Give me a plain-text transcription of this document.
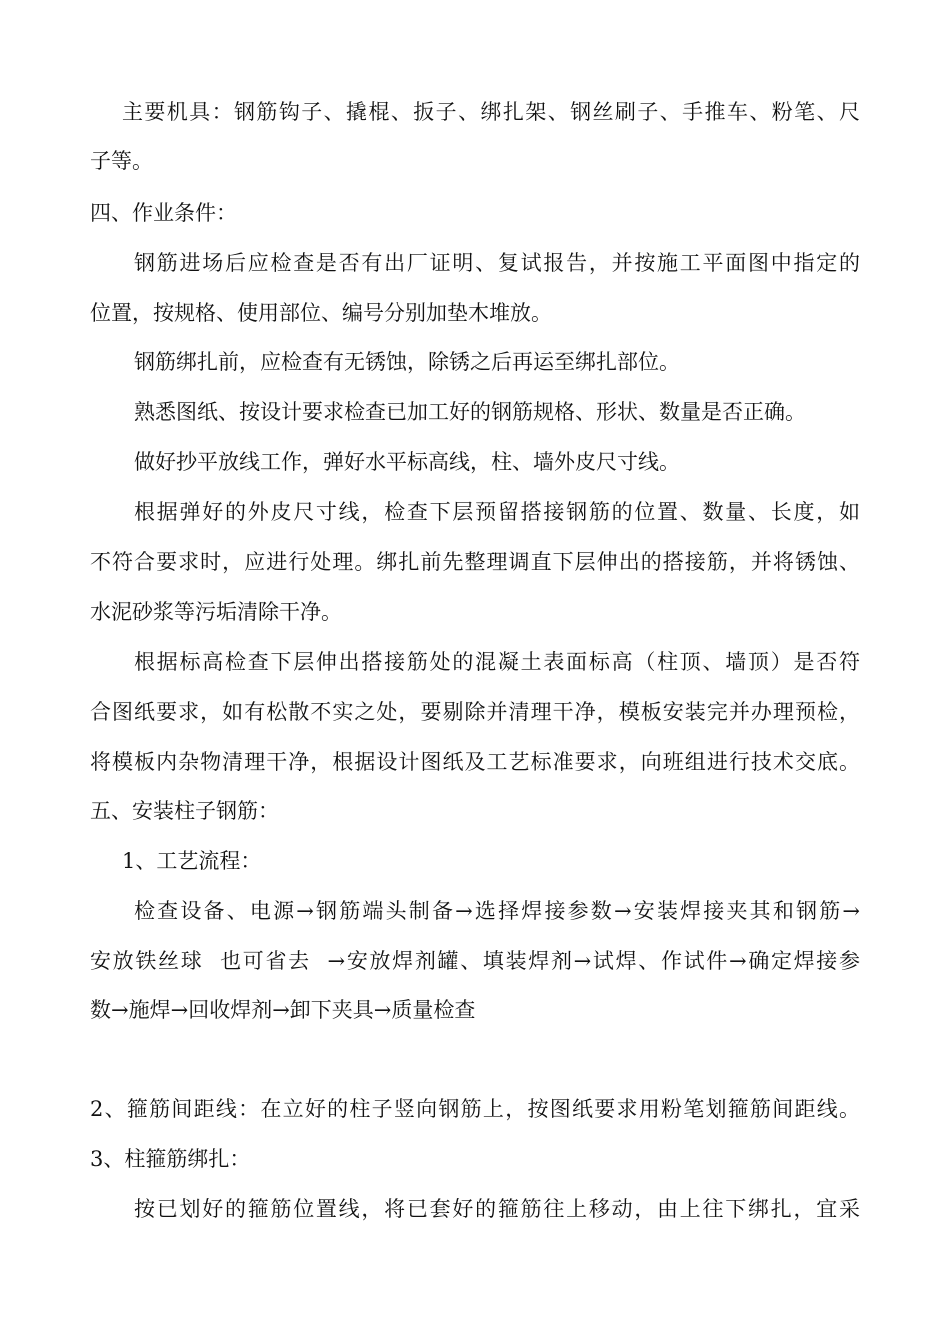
主要机具：钢筋钩子、撬棍、扳子、绑扎架、钢丝刷子、手推车、粉笔、尺
子等。
四、作业条件：
钢筋进场后应检查是否有出厂证明、复试报告，并按施工平面图中指定的
位置，按规格、使用部位、编号分别加垫木堆放。
钢筋绑扎前，应检查有无锈蚀，除锈之后再运至绑扎部位。
熟悉图纸、按设计要求检查已加工好的钢筋规格、形状、数量是否正确。
做好抄平放线工作，弹好水平标高线，柱、墙外皮尺寸线。
根据弹好的外皮尺寸线，检查下层预留搭接钢筋的位置、数量、长度，如
不符合要求时，应进行处理。绑扎前先整理调直下层伸出的搭接筋，并将锈蚀、
水泥砂浆等污垢清除干净。
根据标高检查下层伸出搭接筋处的混凝土表面标高（柱顶、墙顶）是否符
合图纸要求，如有松散不实之处，要剔除并清理干净，模板安装完并办理预检，
将模板内杂物清理干净，根据设计图纸及工艺标准要求，向班组进行技术交底。
五、安装柱子钢筋：
1、工艺流程：
检查设备、电源→钢筋端头制备→选择焊接参数→安装焊接夹其和钢筋→
安放铁丝球  也可省去  →安放焊剂罐、填装焊剂→试焊、作试件→确定焊接参
数→施焊→回收焊剂→卸下夹具→质量检查
2、箍筋间距线：在立好的柱子竖向钢筋上，按图纸要求用粉笔划箍筋间距线。
3、柱箍筋绑扎：
按已划好的箍筋位置线，将已套好的箍筋往上移动，由上往下绑扎，宜采
